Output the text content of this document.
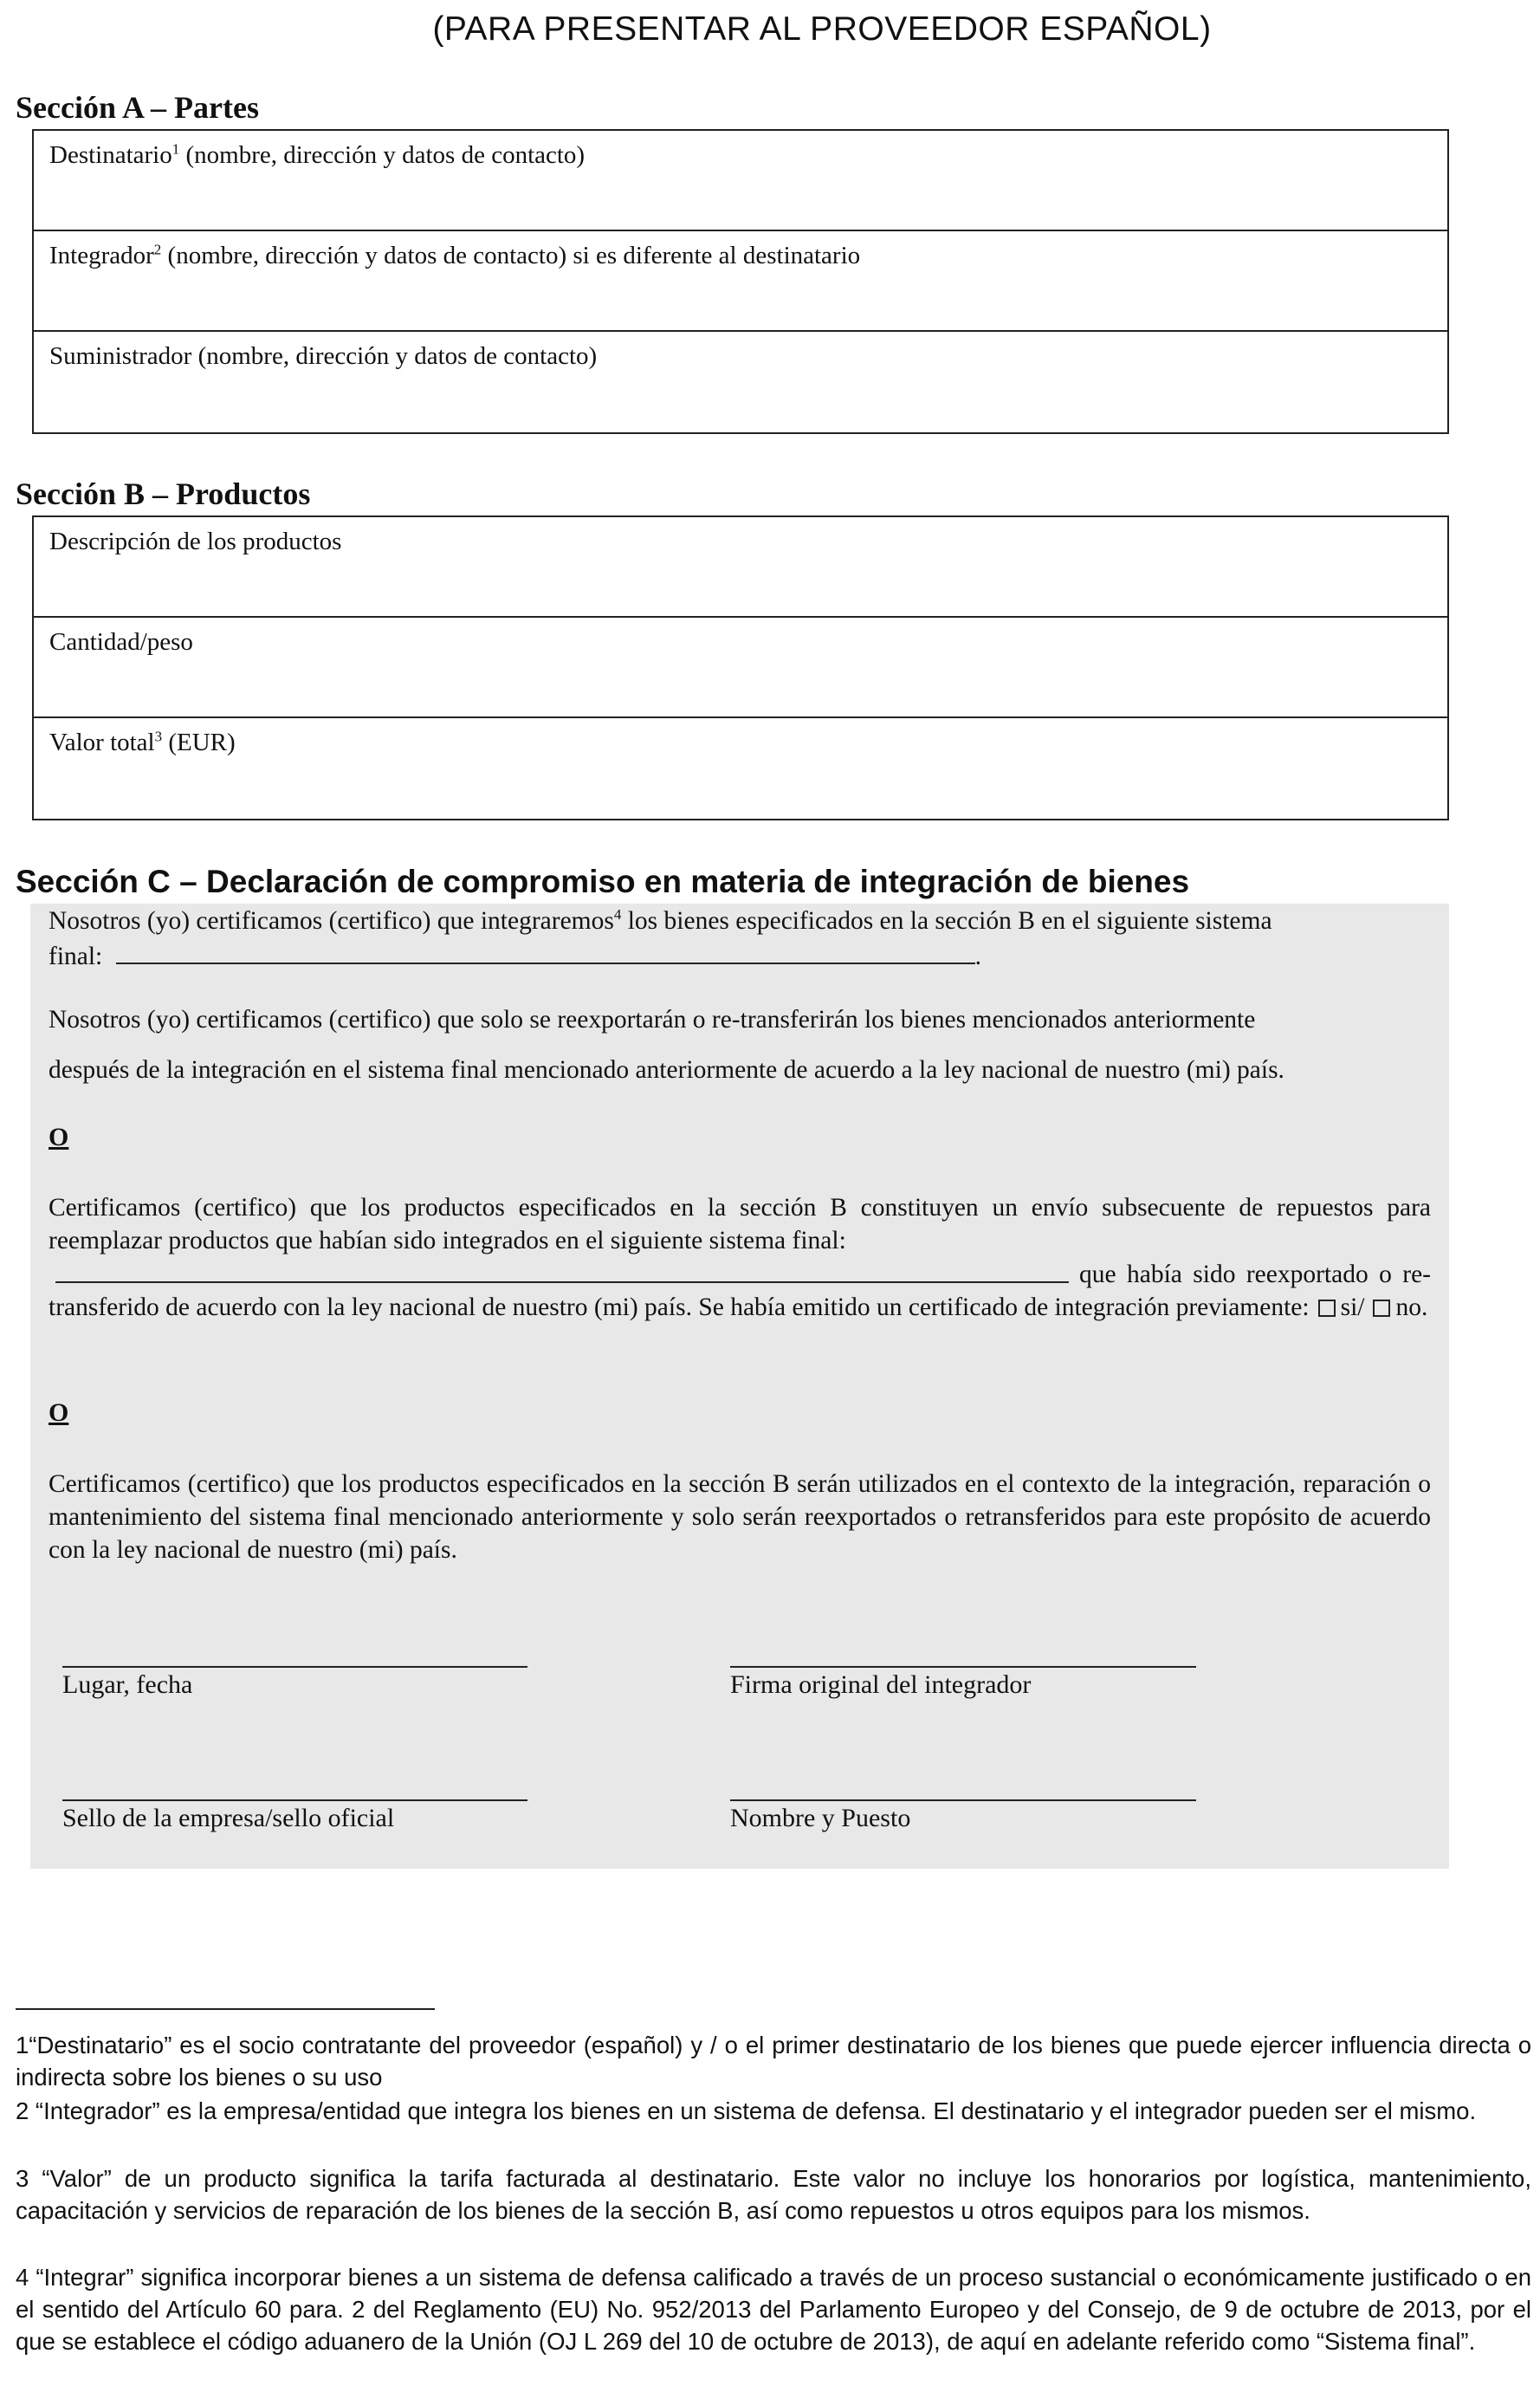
(PARA PRESENTAR AL PROVEEDOR ESPAÑOL)
Sección A – Partes
Destinatario$^1$ (nombre, dirección y datos de contacto)
Integrador$^2$ (nombre, dirección y datos de contacto) si es diferente al destinatario
Suministrador (nombre, dirección y datos de contacto)
Sección B – Productos
Descripción de los productos
Cantidad/peso
Valor total$^3$ (EUR)
Sección C – Declaración de compromiso en materia de integración de bienes
Nosotros (yo) certificamos (certifico) que integraremos$^4$ los bienes especificados en la sección B en el siguiente sistema
final:	.
Nosotros (yo) certificamos (certifico) que solo se reexportarán o re-transferirán los bienes mencionados anteriormente
después de la integración en el sistema final mencionado anteriormente de acuerdo a la ley nacional de nuestro (mi) país.
O
Certificamos (certifico) que los productos especificados en la sección B constituyen un envío subsecuente de repuestos para reemplazar productos que habían sido integrados en el siguiente sistema final:
que había sido reexportado o re-transferido de acuerdo con la ley nacional de nuestro (mi) país. Se había emitido un certificado de integración previamente: si/ no.
O
Certificamos (certifico) que los productos especificados en la sección B serán utilizados en el contexto de la integración, reparación o mantenimiento del sistema final mencionado anteriormente y solo serán reexportados o retransferidos para este propósito de acuerdo con la ley nacional de nuestro (mi) país.
Lugar, fecha	Firma original del integrador
Sello de la empresa/sello oficial	Nombre y Puesto
1“Destinatario” es el socio contratante del proveedor (español) y / o el primer destinatario de los bienes que puede ejercer influencia directa o indirecta sobre los bienes o su uso
2 “Integrador” es la empresa/entidad que integra los bienes en un sistema de defensa. El destinatario y el integrador pueden ser el mismo.
3 “Valor” de un producto significa la tarifa facturada al destinatario. Este valor no incluye los honorarios por logística, mantenimiento, capacitación y servicios de reparación de los bienes de la sección B, así como repuestos u otros equipos para los mismos.
4 “Integrar” significa incorporar bienes a un sistema de defensa calificado a través de un proceso sustancial o económicamente justificado o en el sentido del Artículo 60 para. 2 del Reglamento (EU) No. 952/2013 del Parlamento Europeo y del Consejo, de 9 de octubre de 2013, por el que se establece el código aduanero de la Unión (OJ L 269 del 10 de octubre de 2013), de aquí en adelante referido como “Sistema final”.
